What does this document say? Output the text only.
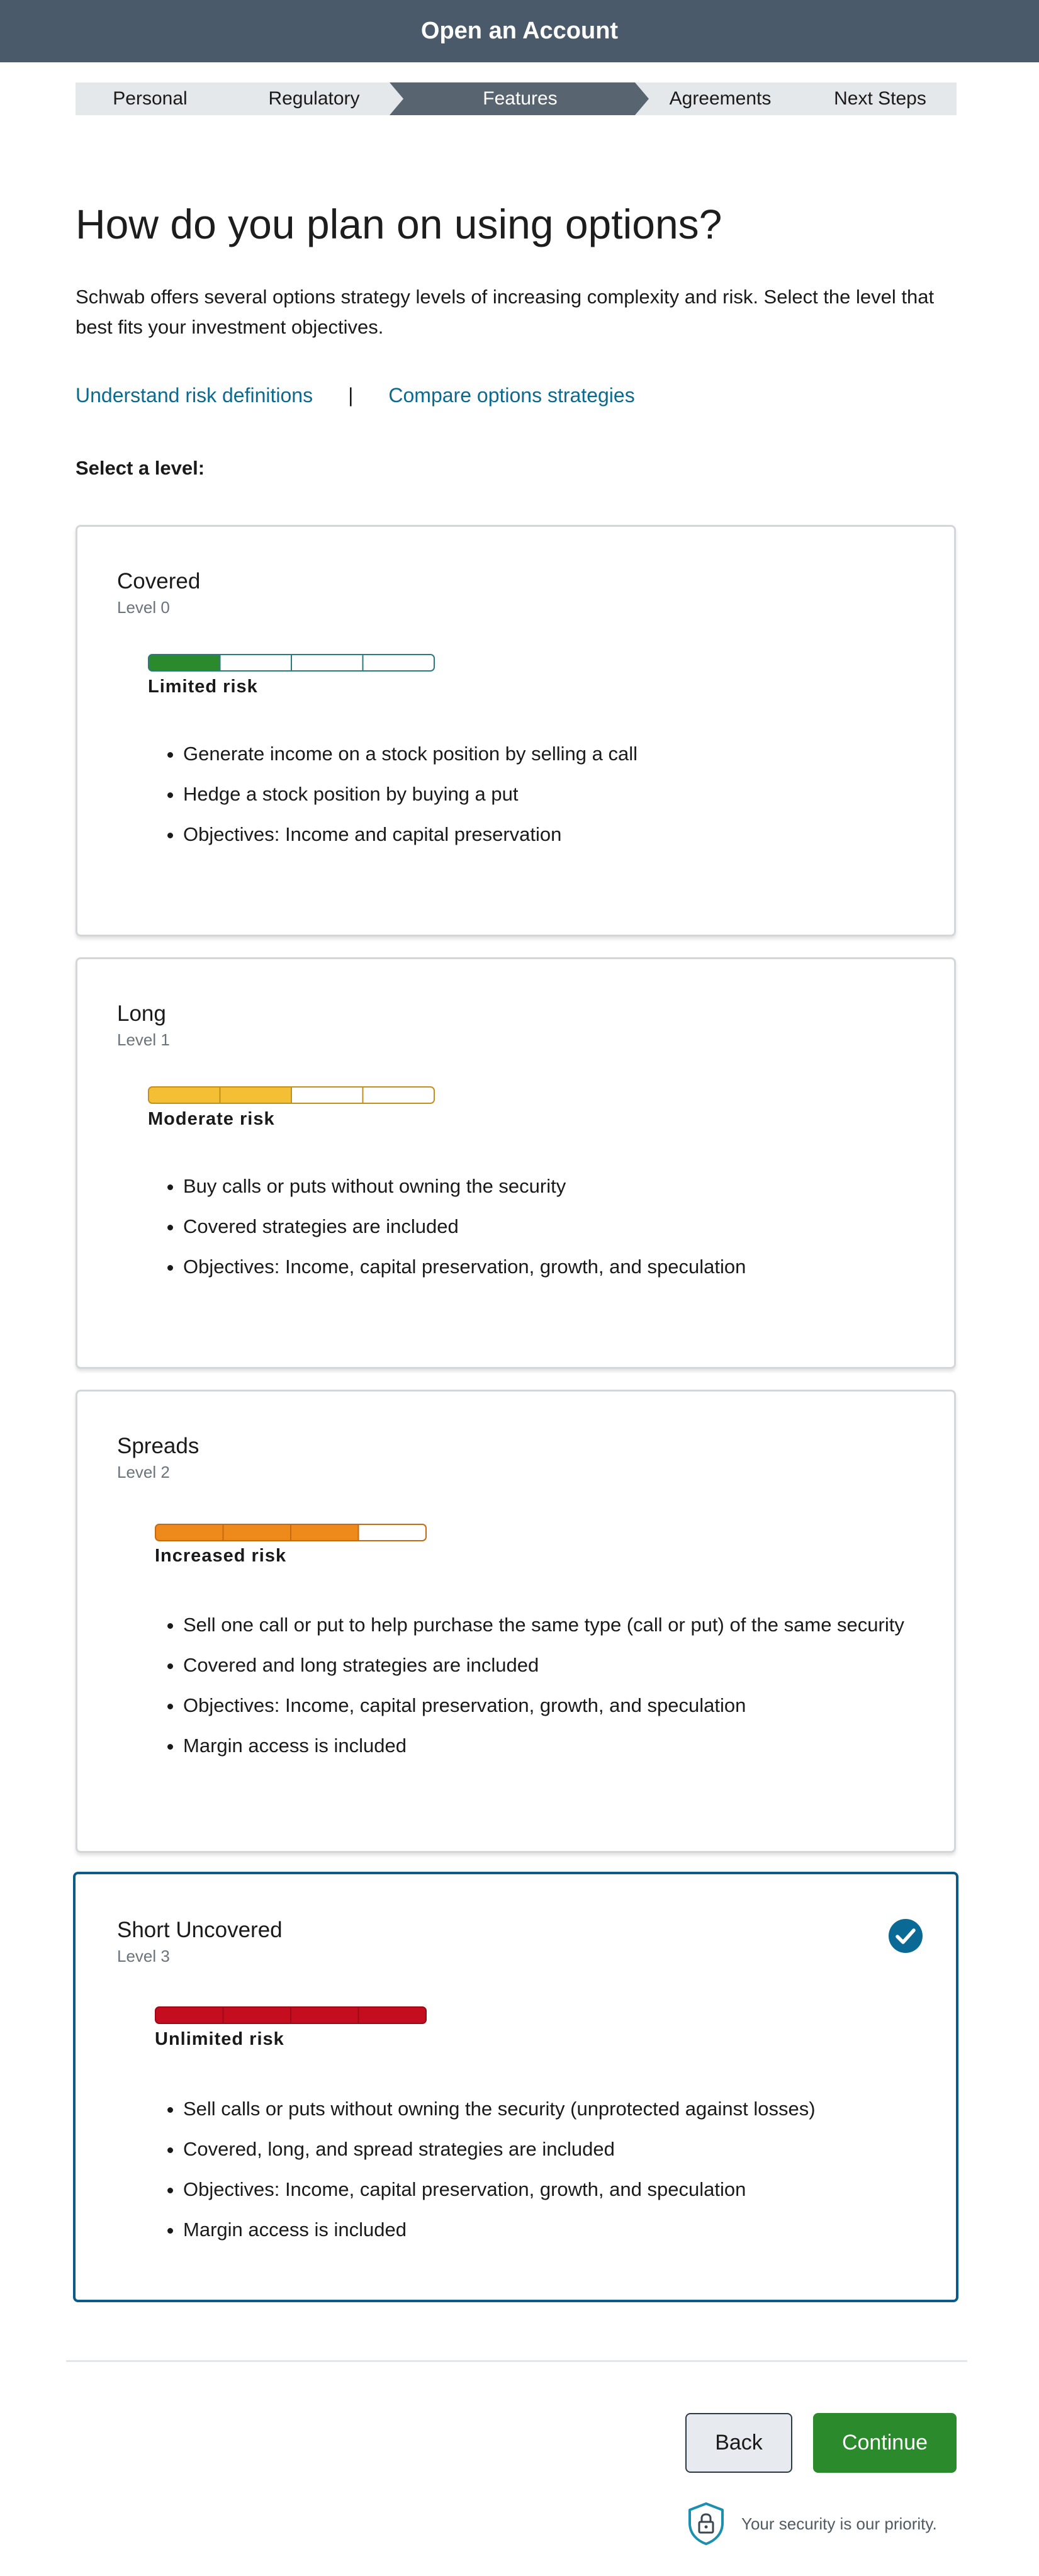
Open an Account
Personal	Regulatory	Features	Agreements	Next Steps
How do you plan on using options?

Schwab offers several options strategy levels of increasing complexity and risk. Select the level that best fits your investment objectives.

Understand risk definitions | Compare options strategies
Select a level:
Covered
Level 0
Limited risk
• Generate income on a stock position by selling a call
• Hedge a stock position by buying a put
• Objectives: Income and capital preservation
Long
Level 1
Moderate risk
• Buy calls or puts without owning the security
• Covered strategies are included
• Objectives: Income, capital preservation, growth, and speculation
Spreads
Level 2
Increased risk
• Sell one call or put to help purchase the same type (call or put) of the same security
• Covered and long strategies are included
• Objectives: Income, capital preservation, growth, and speculation
• Margin access is included
Short Uncovered
Level 3
Unlimited risk
• Sell calls or puts without owning the security (unprotected against losses)
• Covered, long, and spread strategies are included
• Objectives: Income, capital preservation, growth, and speculation
• Margin access is included
Back	Continue
Your security is our priority.
